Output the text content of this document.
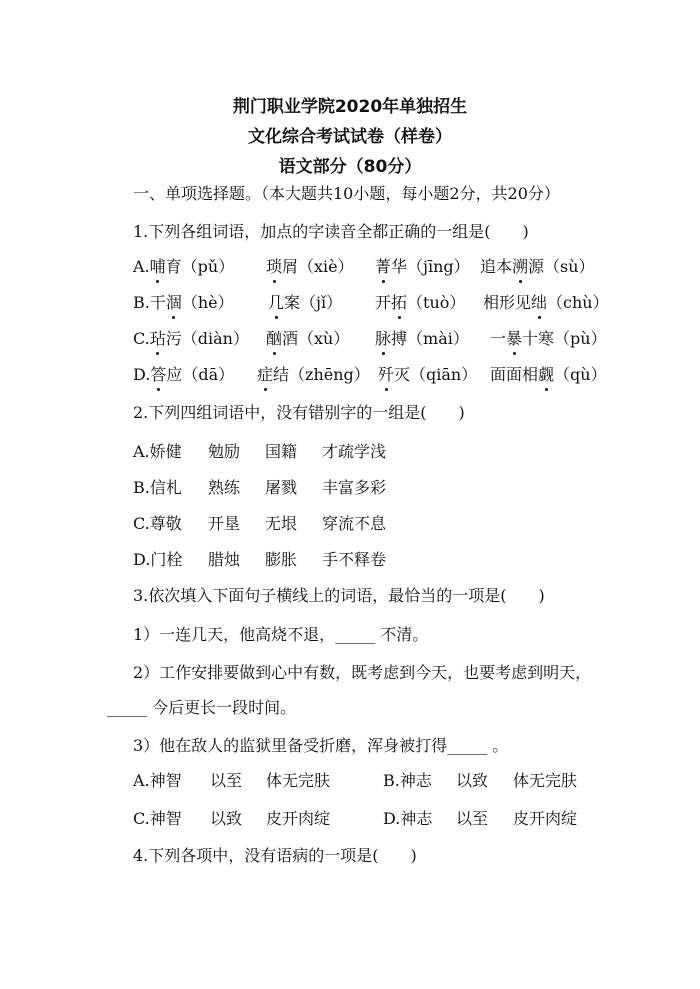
荆门职业学院2020年单独招生
文化综合考试试卷（样卷）
语文部分（80分）
一、单项选择题。（本大题共10小题，每小题2分，共20分）
1.下列各组词语，加点的字读音全都正确的一组是(　　)
A.哺育（pǔ） 琐屑（xiè） 菁华（jīng） 追本溯源（sù）
B.干涸（hè） 几案（jǐ） 开拓（tuò） 相形见绌（chù）
C.玷污（diàn） 酗酒（xù） 脉搏（mài） 一暴十寒（pù）
D.答应（dā） 症结（zhēng） 歼灭（qiān） 面面相觑（qù）
2.下列四组词语中，没有错别字的一组是(　　)
A.娇健 勉励 国籍 才疏学浅
B.信札 熟练 屠戮 丰富多彩
C.尊敬 开垦 无垠 穿流不息
D.门栓 腊烛 膨胀 手不释卷
3.依次填入下面句子横线上的词语，最恰当的一项是(　　)
1）一连几天，他高烧不退，_____ 不清。
2）工作安排要做到心中有数，既考虑到今天，也要考虑到明天，
_____ 今后更长一段时间。
3）他在敌人的监狱里备受折磨，浑身被打得_____ 。
A.神智 以至 体无完肤	B.神志 以致 体无完肤
C.神智 以致 皮开肉绽	D.神志 以至 皮开肉绽
4.下列各项中，没有语病的一项是(　　)
